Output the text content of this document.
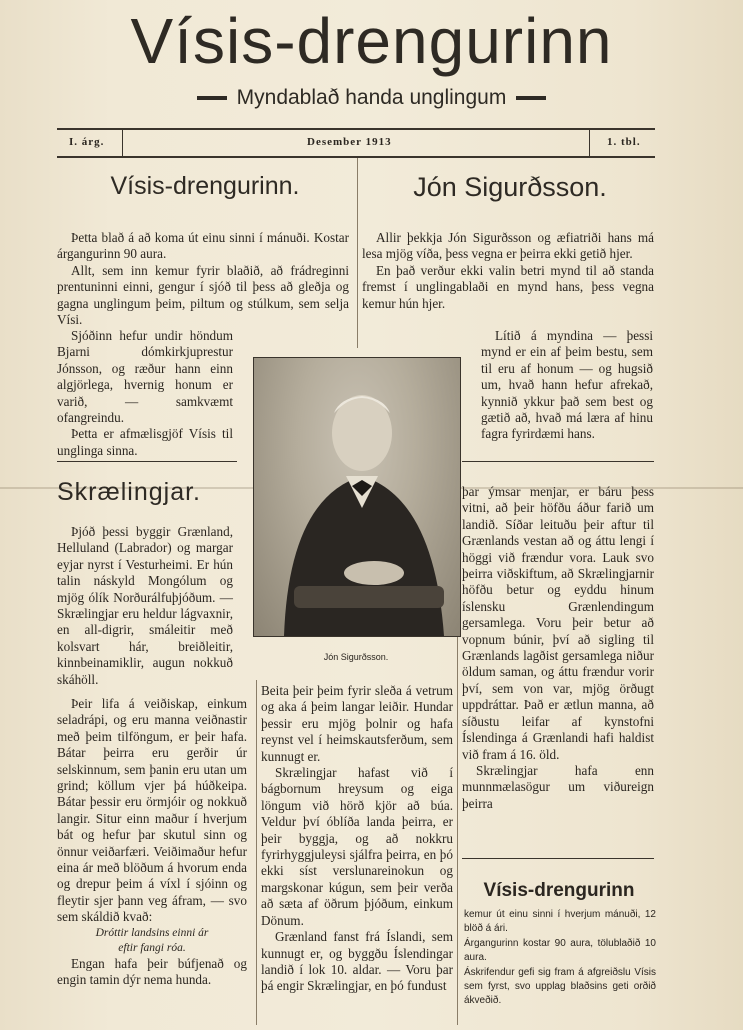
Vísis-drengurinn
Myndablað handa unglingum
I. árg.	Desember 1913	1. tbl.
Vísis-drengurinn.

Þetta blað á að koma út einu sinni í mánuði. Kostar árgangurinn 90 aura.

Allt, sem inn kemur fyrir blaðið, að frádreginni prentuninni einni, gengur í sjóð til þess að gleðja og gagna unglingum þeim, piltum og stúlkum, sem selja Vísi.

Sjóðinn hefur undir höndum Bjarni dómkirkjuprestur Jónsson, og ræður hann einn algjörlega, hvernig honum er varið, — samkvæmt ofangreindu.

Þetta er afmælisgjöf Vísis til unglinga sinna.

Skrælingjar.

Þjóð þessi byggir Grænland, Helluland (Labrador) og margar eyjar nyrst í Vesturheimi. Er hún talin náskyld Mongólum og mjög ólík Norðurálfuþjóðum. — Skrælingjar eru heldur lágvaxnir, en all-digrir, smáleitir með kolsvart hár, breiðleitir, kinnbeinamiklir, augun nokkuð skáhöll.

Þeir lifa á veiðiskap, einkum seladrápi, og eru manna veiðnastir með þeim tilföngum, er þeir hafa. Bátar þeirra eru gerðir úr selskinnum, sem þanin eru utan um grind; köllum vjer þá húðkeipa. Bátar þessir eru örmjóir og nokkuð langir. Situr einn maður í hverjum bát og hefur þar skutul sinn og önnur veiðarfæri. Veiðimaður hefur eina ár með blöðum á hvorum enda og drepur þeim á víxl í sjóinn og fleytir sjer þann veg áfram, — svo sem skáldið kvað:

Dróttir landsins einni ár
eftir fangi róa.

Engan hafa þeir búfjenað og engin tamin dýr nema hunda.

Jón Sigurðsson.

Allir þekkja Jón Sigurðsson og æfiatriði hans má lesa mjög víða, þess vegna er þeirra ekki getið hjer.

En það verður ekki valin betri mynd til að standa fremst í unglingablaði en mynd hans, þess vegna kemur hún hjer.

Lítið á myndina — þessi mynd er ein af þeim bestu, sem til eru af honum — og hugsið um, hvað hann hefur afrekað, kynnið ykkur það sem best og gætið að, hvað má læra af hinu fagra fyrirdæmi hans.

Jón Sigurðsson.

Beita þeir þeim fyrir sleða á vetrum og aka á þeim langar leiðir. Hundar þessir eru mjög þolnir og hafa reynst vel í heimskautsferðum, sem kunnugt er.

Skrælingjar hafast við í bágbornum hreysum og eiga löngum við hörð kjör að búa. Veldur því óblíða landa þeirra, er þeir byggja, og að nokkru fyrirhyggjuleysi sjálfra þeirra, en þó ekki síst verslunareinokun og margskonar kúgun, sem þeir verða að sæta af öðrum þjóðum, einkum Dönum.

Grænland fanst frá Íslandi, sem kunnugt er, og byggðu Íslendingar landið í lok 10. aldar. — Voru þar þá engir Skrælingjar, en þó fundust

þar ýmsar menjar, er báru þess vitni, að þeir höfðu áður farið um landið. Síðar leituðu þeir aftur til Grænlands vestan að og áttu lengi í höggi við frændur vora. Lauk svo þeirra viðskiftum, að Skrælingjarnir höfðu betur og eyddu hinum íslensku Grænlendingum gersamlega. Voru þeir betur að vopnum búnir, því að sigling til Grænlands lagðist gersamlega niður öldum saman, og áttu frændur vorir því, sem von var, mjög örðugt uppdráttar. Það er ætlun manna, að síðustu leifar af kynstofni Íslendinga á Grænlandi hafi haldist við fram á 16. öld.

Skrælingjar hafa enn munnmælasögur um viðureign þeirra

Vísis-drengurinn

kemur út einu sinni í hverjum mánuði, 12 blöð á ári.

Árgangurinn kostar 90 aura, tölublaðið 10 aura.

Áskrifendur gefi sig fram á afgreiðslu Vísis sem fyrst, svo upplag blaðsins geti orðið ákveðið.
